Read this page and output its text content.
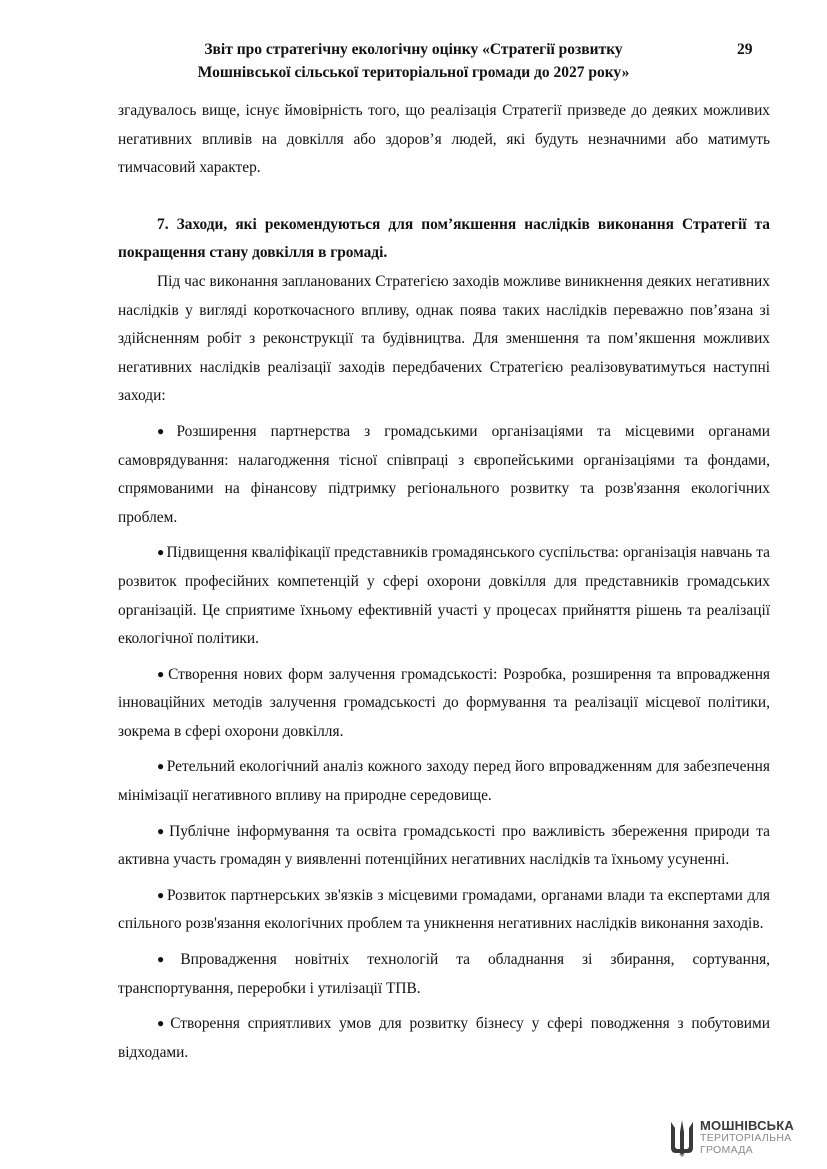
Звіт про стратегічну екологічну оцінку «Стратегії розвитку
Мошнівської сільської територіальної громади до 2027 року»
29

згадувалось вище, існує ймовірність того, що реалізація Стратегії призведе до деяких можливих негативних впливів на довкілля або здоров’я людей, які будуть незначними або матимуть тимчасовий характер.

7. Заходи, які рекомендуються для пом’якшення наслідків виконання Стратегії та покращення стану довкілля в громаді.

Під час виконання запланованих Стратегією заходів можливе виникнення деяких негативних наслідків у вигляді короткочасного впливу, однак поява таких наслідків переважно пов’язана зі здійсненням робіт з реконструкції та будівництва. Для зменшення та пом’якшення можливих негативних наслідків реалізації заходів передбачених Стратегією реалізовуватимуться наступні заходи:

● Розширення партнерства з громадськими організаціями та місцевими органами самоврядування: налагодження тісної співпраці з європейськими організаціями та фондами, спрямованими на фінансову підтримку регіонального розвитку та розв'язання екологічних проблем.

● Підвищення кваліфікації представників громадянського суспільства: організація навчань та розвиток професійних компетенцій у сфері охорони довкілля для представників громадських організацій. Це сприятиме їхньому ефективній участі у процесах прийняття рішень та реалізації екологічної політики.

● Створення нових форм залучення громадськості: Розробка, розширення та впровадження інноваційних методів залучення громадськості до формування та реалізації місцевої політики, зокрема в сфері охорони довкілля.

● Ретельний екологічний аналіз кожного заходу перед його впровадженням для забезпечення мінімізації негативного впливу на природне середовище.

● Публічне інформування та освіта громадськості про важливість збереження природи та активна участь громадян у виявленні потенційних негативних наслідків та їхньому усуненні.

● Розвиток партнерських зв'язків з місцевими громадами, органами влади та експертами для спільного розв'язання екологічних проблем та уникнення негативних наслідків виконання заходів.

● Впровадження новітніх технологій та обладнання зі збирання, сортування, транспортування, переробки і утилізації ТПВ.

● Створення сприятливих умов для розвитку бізнесу у сфері поводження з побутовими відходами.

МОШНІВСЬКА
ТЕРИТОРІАЛЬНА
ГРОМАДА
